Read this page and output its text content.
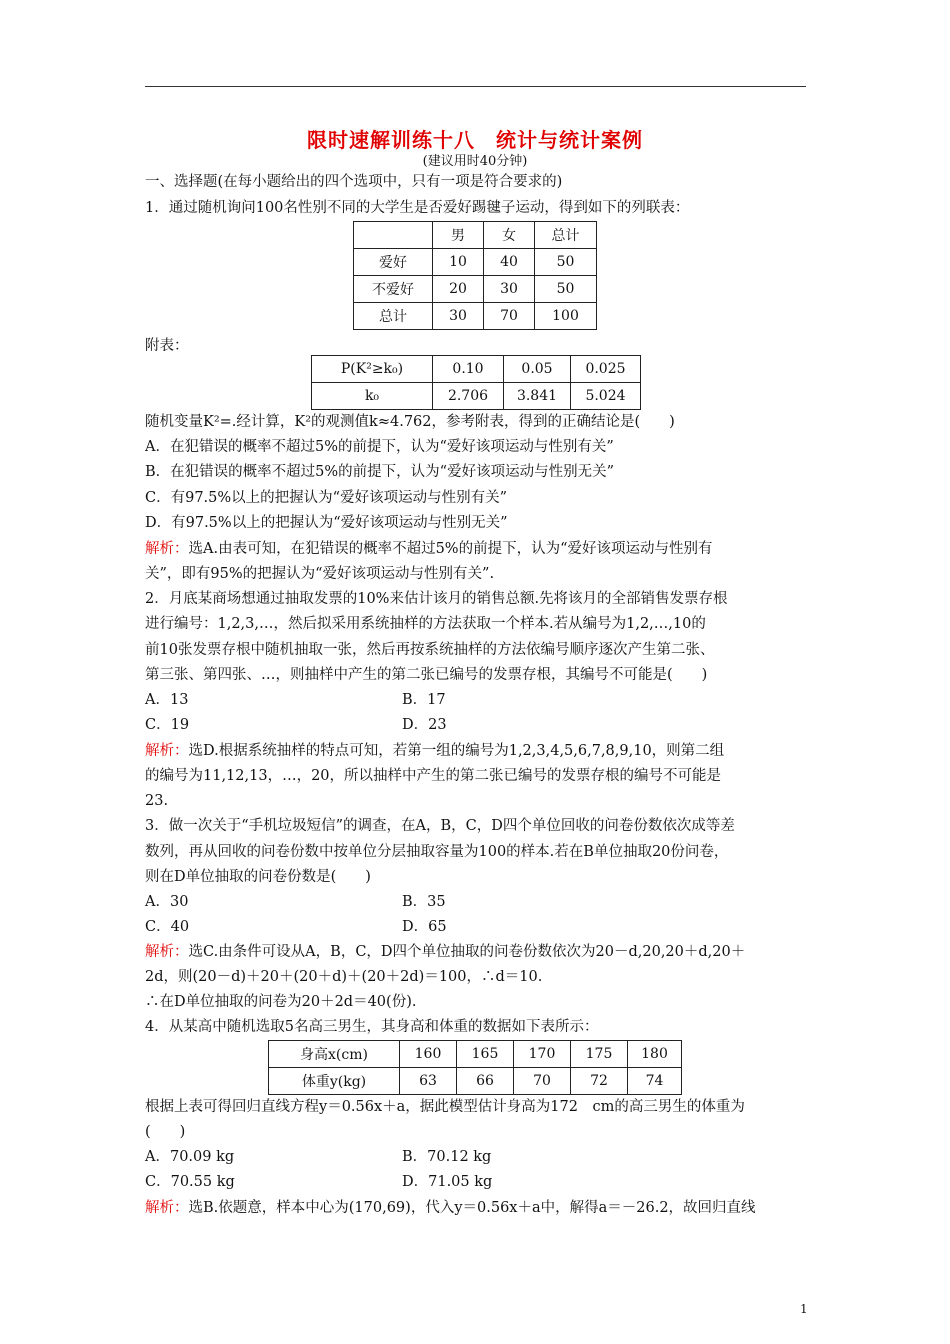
限时速解训练十八　统计与统计案例
(建议用时40分钟)
一、选择题(在每小题给出的四个选项中，只有一项是符合要求的)
1．通过随机询问100名性别不同的大学生是否爱好踢毽子运动，得到如下的列联表：
	男	女	总计
爱好	10	40	50
不爱好	20	30	50
总计	30	70	100
附表：
P(K²≥k₀)	0.10	0.05	0.025
k₀	2.706	3.841	5.024
随机变量K²=.经计算，K²的观测值k≈4.762，参考附表，得到的正确结论是(　　)
A．在犯错误的概率不超过5%的前提下，认为“爱好该项运动与性别有关”
B．在犯错误的概率不超过5%的前提下，认为“爱好该项运动与性别无关”
C．有97.5%以上的把握认为“爱好该项运动与性别有关”
D．有97.5%以上的把握认为“爱好该项运动与性别无关”
解析：选A.由表可知，在犯错误的概率不超过5%的前提下，认为“爱好该项运动与性别有
关”，即有95%的把握认为“爱好该项运动与性别有关”.
2．月底某商场想通过抽取发票的10%来估计该月的销售总额.先将该月的全部销售发票存根
进行编号：1,2,3,…，然后拟采用系统抽样的方法获取一个样本.若从编号为1,2,…,10的
前10张发票存根中随机抽取一张，然后再按系统抽样的方法依编号顺序逐次产生第二张、
第三张、第四张、…，则抽样中产生的第二张已编号的发票存根，其编号不可能是(　　)
A．13	B．17
C．19	D．23
解析：选D.根据系统抽样的特点可知，若第一组的编号为1,2,3,4,5,6,7,8,9,10，则第二组
的编号为11,12,13，…，20，所以抽样中产生的第二张已编号的发票存根的编号不可能是
23.
3．做一次关于“手机垃圾短信”的调查，在A，B，C，D四个单位回收的问卷份数依次成等差
数列，再从回收的问卷份数中按单位分层抽取容量为100的样本.若在B单位抽取20份问卷，
则在D单位抽取的问卷份数是(　　)
A．30	B．35
C．40	D．65
解析：选C.由条件可设从A，B，C，D四个单位抽取的问卷份数依次为20－d,20,20＋d,20＋
2d，则(20－d)＋20＋(20＋d)＋(20＋2d)＝100，∴d＝10.
∴在D单位抽取的问卷为20＋2d＝40(份).
4．从某高中随机选取5名高三男生，其身高和体重的数据如下表所示：
身高x(cm)	160	165	170	175	180
体重y(kg)	63	66	70	72	74
根据上表可得回归直线方程y＝0.56x＋a，据此模型估计身高为172　cm的高三男生的体重为
(　　)
A．70.09 kg	B．70.12 kg
C．70.55 kg	D．71.05 kg
解析：选B.依题意，样本中心为(170,69)，代入y＝0.56x＋a中，解得a＝－26.2，故回归直线
1
